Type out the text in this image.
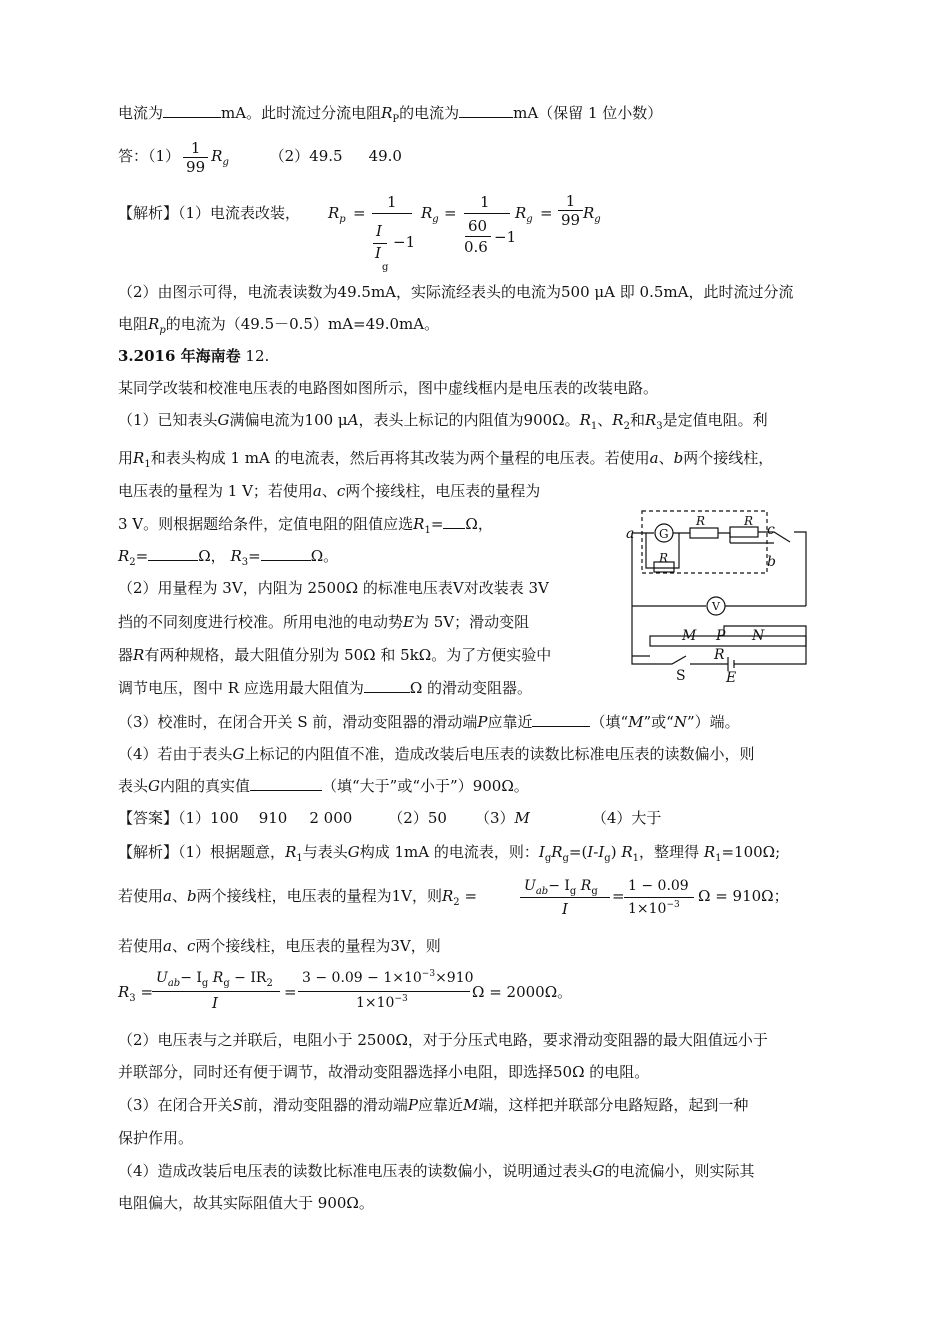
电流为	mA。此时流过分流电阻$R_P$的电流为	mA（保留 1 位小数）
答：$(1) \frac{1}{99} R_g$	（2）49.5 49.0
【解析】（1）电流表改装， $R_p$ =
1
I
I
g
−1
$R_g$ =
1
60
0.6
−1
$R_g = \frac{1}{99} R_g$
（2）由图示可得，电流表读数为49.5mA，实际流经表头的电流为500 μA 即 0.5mA，此时流过分流
电阻$R_p$的电流为（49.5－0.5）mA=49.0mA。
3.2016 年海南卷 12.
某同学改装和校准电压表的电路图如图所示，图中虚线框内是电压表的改装电路。
（1）已知表头G满偏电流为100 μA，表头上标记的内阻值为900Ω。$R_1$、$R_2$和$R_3$是定值电阻。利
用$R_1$和表头构成 1 mA 的电流表，然后再将其改装为两个量程的电压表。若使用a、b两个接线柱，
电压表的量程为 1 V；若使用a、c两个接线柱，电压表的量程为
3 V。则根据题给条件，定值电阻的阻值应选$R_1= \Omega$，
$R_2=$	Ω， $R_3=$	Ω。
（2）用量程为 3V，内阻为 2500Ω 的标准电压表V对改装表 3V
挡的不同刻度进行校准。所用电池的电动势E为 5V；滑动变阻
器R有两种规格，最大阻值分别为 50Ω 和 5kΩ。为了方便实验中
调节电压，图中 R 应选用最大阻值为	Ω 的滑动变阻器。
a G
R	R
c
b
R
V
M P N
R
S	E
（3）校准时，在闭合开关 S 前，滑动变阻器的滑动端P应靠近	（填“M”或“N”）端。
（4）若由于表头G上标记的内阻值不准，造成改装后电压表的读数比标准电压表的读数偏小，则
表头G内阻的真实值	（填“大于”或“小于”）900Ω。
【答案】（1）100 910 2 000 （2）50 （3）M	（4）大于
【解析】（1）根据题意，$R_1$与表头G构成 1mA 的电流表，则：$I_gR_g=(I-I_g)$ $R_1$，整理得 $R_1=100\Omega$;
若使用a、b两个接线柱，电压表的量程为1V，则$R_2$ =
$U_{ab}- I_g$ $R_g$
I
=
1 − 0.09
$1\times 10^{-3}$ Ω = 910Ω；
若使用a、c两个接线柱，电压表的量程为3V，则
$R_3$ =
$U_{ab}- I_g$ $R_g - IR_2$
I
=
$3 - 0.09 - 1\times 10^{-3}\times 910$
$1\times 10^{-3}$	Ω = 2000Ω。
（2）电压表与之并联后，电阻小于 2500Ω，对于分压式电路，要求滑动变阻器的最大阻值远小于
并联部分，同时还有便于调节，故滑动变阻器选择小电阻，即选择50Ω 的电阻。
（3）在闭合开关S前，滑动变阻器的滑动端P应靠近M端，这样把并联部分电路短路，起到一种
保护作用。
（4）造成改装后电压表的读数比标准电压表的读数偏小，说明通过表头G的电流偏小，则实际其
电阻偏大，故其实际阻值大于 900Ω。
